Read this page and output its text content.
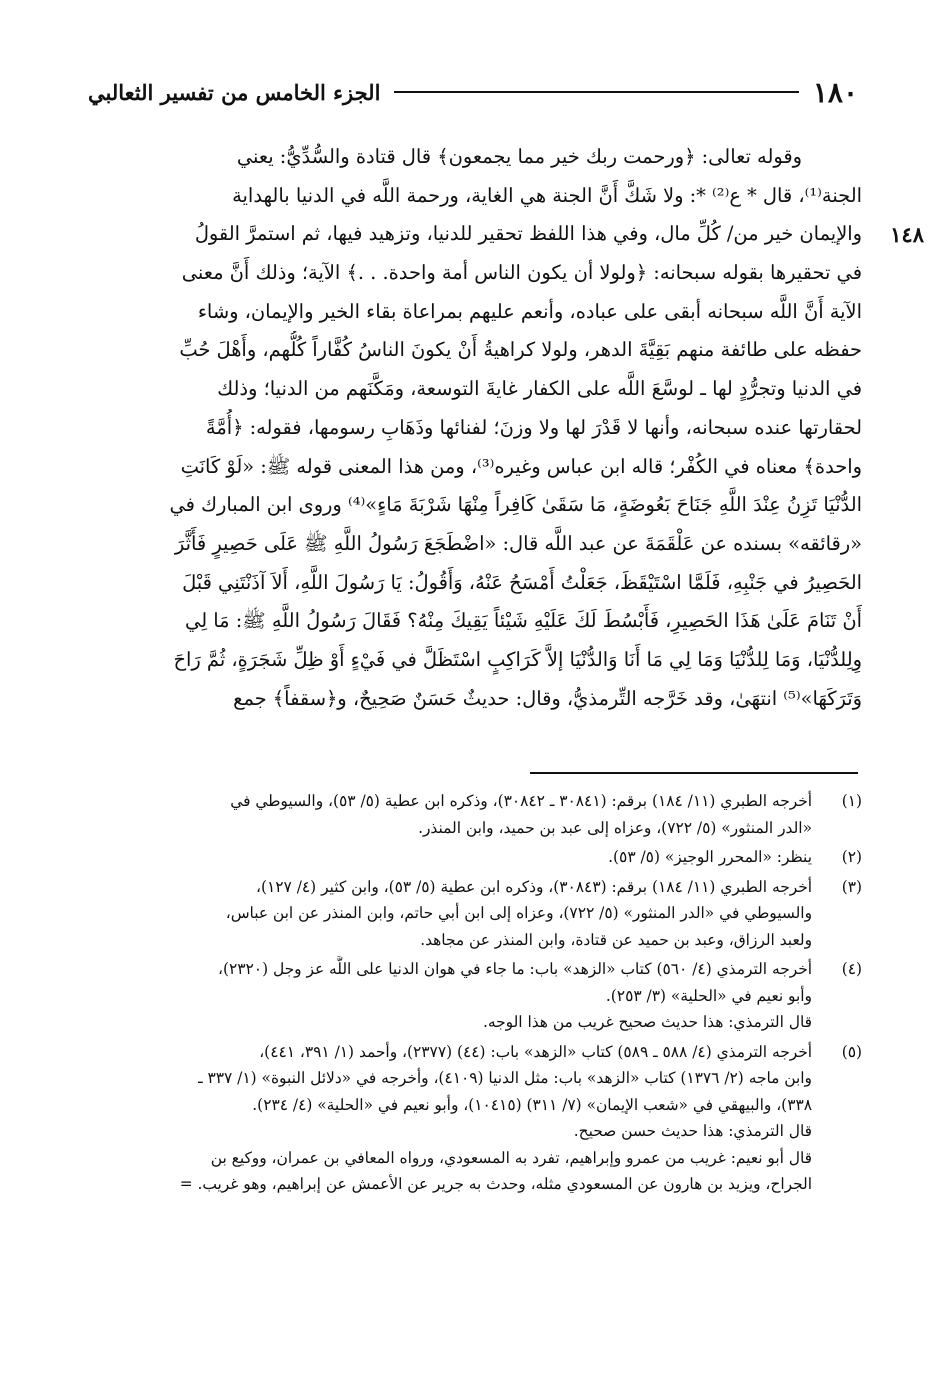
١٨٠
الجزء الخامس من تفسير الثعالبي
١٤٨
وقوله تعالى: ﴿ورحمت ربك خير مما يجمعون﴾ قال قتادة والسُّدِّيُّ: يعني
الجنة⁽¹⁾، قال * ع⁽²⁾ *: ولا شَكَّ أَنَّ الجنة هي الغاية، ورحمة اللَّه في الدنيا بالهداية
والإيمان خير من/ كُلِّ مال، وفي هذا اللفظ تحقير للدنيا، وتزهيد فيها، ثم استمرَّ القولُ
في تحقيرها بقوله سبحانه: ﴿ولولا أن يكون الناس أمة واحدة. . .﴾ الآية؛ وذلك أَنَّ معنى
الآية أَنَّ اللَّه سبحانه أبقى على عباده، وأنعم عليهم بمراعاة بقاء الخير والإيمان، وشاء
حفظه على طائفة منهم بَقِيَّةَ الدهر، ولولا كراهيةُ أَنْ يكونَ الناسُ كُفَّاراً كُلُّهم، وأَهْلَ حُبِّ
في الدنيا وتجرُّدٍ لها ـ لوسَّعَ اللَّه على الكفار غايةَ التوسعة، ومَكَّنَهم من الدنيا؛ وذلك
لحقارتها عنده سبحانه، وأنها لا قَدْرَ لها ولا وزنَ؛ لفنائها وذَهَابِ رسومها، فقوله: ﴿أُمَّةً
واحدة﴾ معناه في الكُفْر؛ قاله ابن عباس وغيره⁽³⁾، ومن هذا المعنى قوله ﷺ: «لَوْ كَانَتِ
الدُّنْيَا تَزِنُ عِنْدَ اللَّهِ جَنَاحَ بَعُوضَةٍ، مَا سَقَىٰ كَافِراً مِنْهَا شَرْبَةَ مَاءٍ»⁽⁴⁾ وروى ابن المبارك في
«رقائقه» بسنده عن عَلْقَمَةَ عن عبد اللَّه قال: «اضْطَجَعَ رَسُولُ اللَّهِ ﷺ عَلَى حَصِيرٍ فَأَثَّرَ
الحَصِيرُ في جَنْبِهِ، فَلَمَّا اسْتَيْقَظَ، جَعَلْتُ أَمْسَحُ عَنْهُ، وَأَقُولُ: يَا رَسُولَ اللَّهِ، أَلاَ آذَنْتَنِي قَبْلَ
أَنْ تَنَامَ عَلَىٰ هَذَا الحَصِيرِ، فَأَبْسُطَ لَكَ عَلَيْهِ شَيْئاً يَقِيكَ مِنْهُ؟ فَقَالَ رَسُولُ اللَّهِ ﷺ: مَا لِي
وِلِلدُّنْيَا، وَمَا لِلدُّنْيَا وَمَا لِي مَا أَنَا وَالدُّنْيَا إلاَّ كَرَاكِبٍ اسْتَظَلَّ في فَيْءٍ أَوْ ظِلِّ شَجَرَةٍ، ثُمَّ رَاحَ
وَتَرَكَهَا»⁽⁵⁾ انتهَىٰ، وقد خَرَّجه التِّرمذيُّ، وقال: حديثٌ حَسَنٌ صَحِيحٌ، و﴿سقفاً﴾ جمع
(١)
أخرجه الطبري (١١/ ١٨٤) برقم: (٣٠٨٤١ ـ ٣٠٨٤٢)، وذكره ابن عطية (٥/ ٥٣)، والسيوطي في
«الدر المنثور» (٥/ ٧٢٢)، وعزاه إلى عبد بن حميد، وابن المنذر.
(٢)
ينظر: «المحرر الوجيز» (٥/ ٥٣).
(٣)
أخرجه الطبري (١١/ ١٨٤) برقم: (٣٠٨٤٣)، وذكره ابن عطية (٥/ ٥٣)، وابن كثير (٤/ ١٢٧)،
والسيوطي في «الدر المنثور» (٥/ ٧٢٢)، وعزاه إلى ابن أبي حاتم، وابن المنذر عن ابن عباس،
ولعبد الرزاق، وعبد بن حميد عن قتادة، وابن المنذر عن مجاهد.
(٤)
أخرجه الترمذي (٤/ ٥٦٠) كتاب «الزهد» باب: ما جاء في هوان الدنيا على اللَّه عز وجل (٢٣٢٠)،
وأبو نعيم في «الحلية» (٣/ ٢٥٣).
قال الترمذي: هذا حديث صحيح غريب من هذا الوجه.
(٥)
أخرجه الترمذي (٤/ ٥٨٨ ـ ٥٨٩) كتاب «الزهد» باب: (٤٤) (٢٣٧٧)، وأحمد (١/ ٣٩١، ٤٤١)،
وابن ماجه (٢/ ١٣٧٦) كتاب «الزهد» باب: مثل الدنيا (٤١٠٩)، وأخرجه في «دلائل النبوة» (١/ ٣٣٧ ـ
٣٣٨)، والبيهقي في «شعب الإيمان» (٧/ ٣١١) (١٠٤١٥)، وأبو نعيم في «الحلية» (٤/ ٢٣٤).
قال الترمذي: هذا حديث حسن صحيح.
قال أبو نعيم: غريب من عمرو وإبراهيم، تفرد به المسعودي، ورواه المعافي بن عمران، ووكيع بن
الجراح، ويزيد بن هارون عن المسعودي مثله، وحدث به جرير عن الأعمش عن إبراهيم، وهو غريب. =
